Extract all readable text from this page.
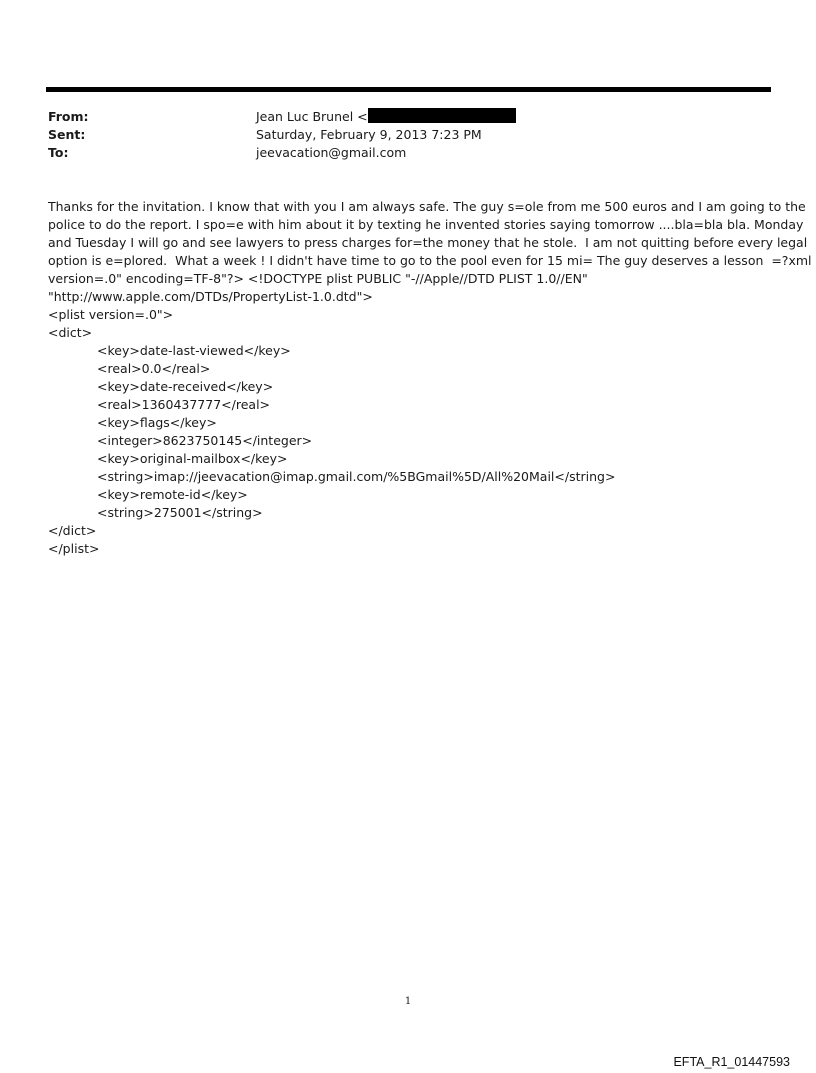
From:	Jean Luc Brunel <
Sent:	Saturday, February 9, 2013 7:23 PM
To:	jeevacation@gmail.com
Thanks for the invitation. I know that with you I am always safe. The guy s=ole from me 500 euros and I am going to the
police to do the report. I spo=e with him about it by texting he invented stories saying tomorrow ....bla=bla bla. Monday
and Tuesday I will go and see lawyers to press charges for=the money that he stole.  I am not quitting before every legal
option is e=plored.  What a week ! I didn't have time to go to the pool even for 15 mi= The guy deserves a lesson  =?xml
version=.0" encoding=TF-8"?> <!DOCTYPE plist PUBLIC "-//Apple//DTD PLIST 1.0//EN"
"http://www.apple.com/DTDs/PropertyList-1.0.dtd">
<plist version=.0">
<dict>
<key>date-last-viewed</key>
<real>0.0</real>
<key>date-received</key>
<real>1360437777</real>
<key>flags</key>
<integer>8623750145</integer>
<key>original-mailbox</key>
<string>imap://jeevacation@imap.gmail.com/%5BGmail%5D/All%20Mail</string>
<key>remote-id</key>
<string>275001</string>
</dict>
</plist>
1
EFTA_R1_01447593
